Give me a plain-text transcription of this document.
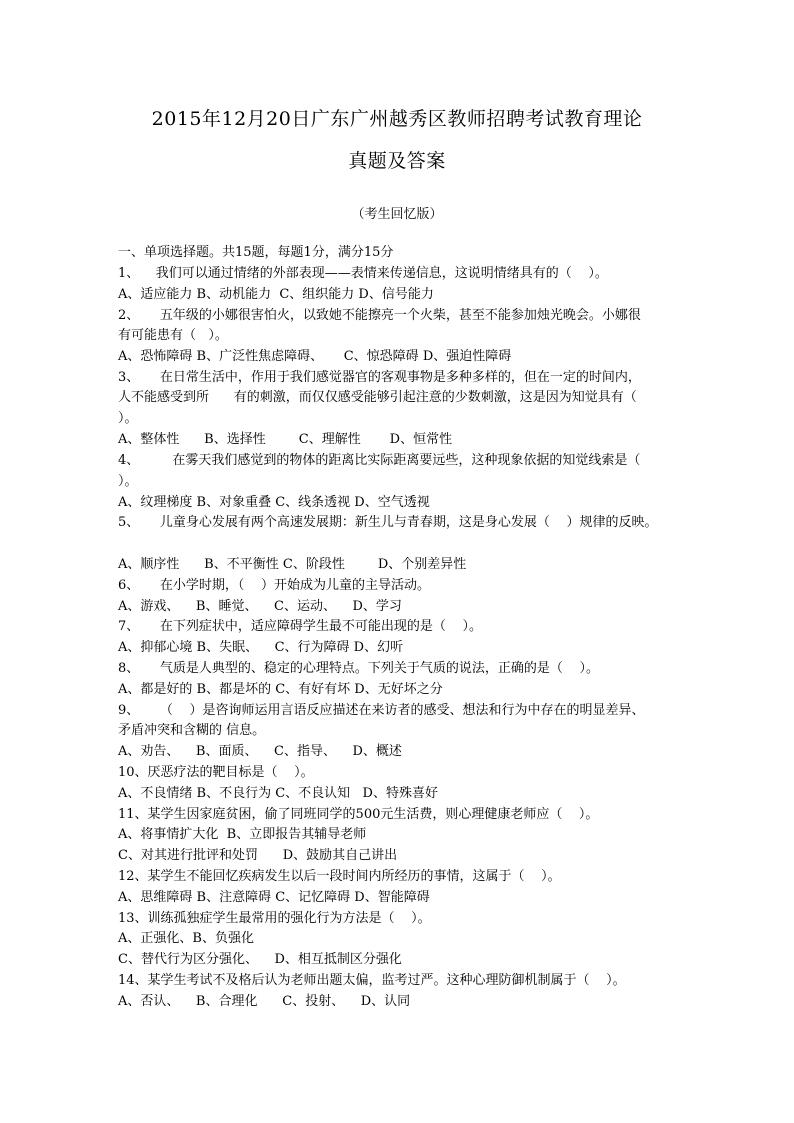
2015年12月20日广东广州越秀区教师招聘考试教育理论
真题及答案
（考生回忆版）
一、单项选择题。共15题，每题1分，满分15分
1、    我们可以通过情绪的外部表现——表情来传递信息，这说明情绪具有的（    ）。
A、适应能力 B、动机能力  C、组织能力 D、信号能力
2、     五年级的小娜很害怕火，以致她不能擦亮一个火柴，甚至不能参加烛光晚会。小娜很
有可能患有（   ）。
A、恐怖障碍 B、广泛性焦虑障碍、     C、惊恐障碍 D、强迫性障碍
3、     在日常生活中，作用于我们感觉器官的客观事物是多种多样的，但在一定的时间内，
人不能感受到所      有的刺激，而仅仅感受能够引起注意的少数刺激，这是因为知觉具有（
）。
A、整体性      B、选择性        C、理解性       D、恒常性
4、        在雾天我们感觉到的物体的距离比实际距离要远些，这种现象依据的知觉线索是（
）。
A、纹理梯度 B、对象重叠 C、线条透视 D、空气透视
5、     儿童身心发展有两个高速发展期：新生儿与青春期，这是身心发展（    ）规律的反映。
A、顺序性      B、不平衡性 C、阶段性        D、个别差异性
6、     在小学时期，（    ）开始成为儿童的主导活动。
A、游戏、    B、睡觉、    C、运动、    D、学习
7、     在下列症状中，适应障碍学生最不可能出现的是（    ）。
A、抑郁心境 B、失眠、    C、行为障碍 D、幻听
8、     气质是人典型的、稳定的心理特点。下列关于气质的说法，正确的是（    ）。
A、都是好的 B、都是坏的 C、有好有坏 D、无好坏之分
9、     （    ）是咨询师运用言语反应描述在来访者的感受、想法和行为中存在的明显差异、
矛盾冲突和含糊的 信息。
A、劝告、    B、面质、    C、指导、    D、概述
10、厌恶疗法的靶目标是（    ）。
A、不良情绪 B、不良行为 C、不良认知   D、特殊喜好
11、某学生因家庭贫困，偷了同班同学的500元生活费，则心理健康老师应（    ）。
A、将事情扩大化  B、立即报告其辅导老师
C、对其进行批评和处罚      D、鼓励其自己讲出
12、某学生不能回忆疾病发生以后一段时间内所经历的事情，这属于（    ）。
A、思维障碍 B、注意障碍 C、记忆障碍 D、智能障碍
13、训练孤独症学生最常用的强化行为方法是（    ）。
A、正强化、B、负强化
C、替代行为区分强化、    D、相互抵制区分强化
14、某学生考试不及格后认为老师出题太偏，监考过严。这种心理防御机制属于（    ）。
A、否认、    B、合理化      C、投射、    D、认同
